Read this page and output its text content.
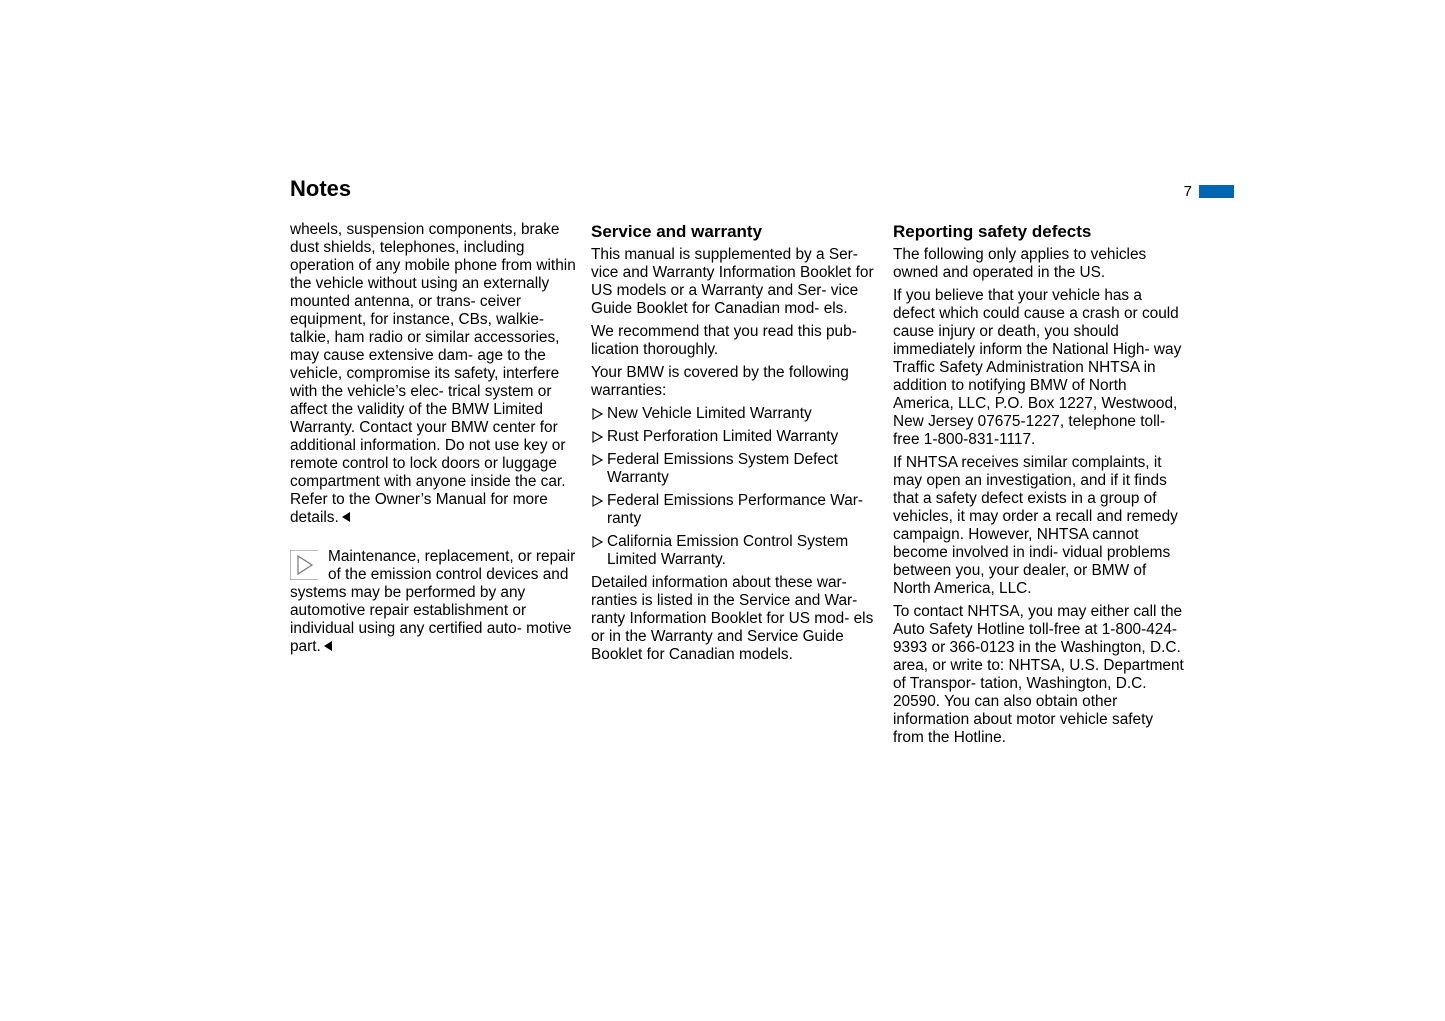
Notes	7

wheels, suspension components, brake dust shields, telephones, including operation of any mobile phone from within the vehicle without using an externally mounted antenna, or trans- ceiver equipment, for instance, CBs, walkie-talkie, ham radio or similar accessories, may cause extensive dam- age to the vehicle, compromise its safety, interfere with the vehicle’s elec- trical system or affect the validity of the BMW Limited Warranty. Contact your BMW center for additional information. Do not use key or remote control to lock doors or luggage compartment with anyone inside the car. Refer to the Owner’s Manual for more details.

Maintenance, replacement, or repair of the emission control devices and systems may be performed by any automotive repair establishment or individual using any certified auto- motive part.
Service and warranty

This manual is supplemented by a Ser- vice and Warranty Information Booklet for US models or a Warranty and Ser- vice Guide Booklet for Canadian mod- els.

We recommend that you read this pub- lication thoroughly.

Your BMW is covered by the following warranties:

New Vehicle Limited Warranty
Rust Perforation Limited Warranty
Federal Emissions System Defect Warranty
Federal Emissions Performance War- ranty
California Emission Control System Limited Warranty.

Detailed information about these war- ranties is listed in the Service and War- ranty Information Booklet for US mod- els or in the Warranty and Service Guide Booklet for Canadian models.

Reporting safety defects

The following only applies to vehicles owned and operated in the US.

If you believe that your vehicle has a defect which could cause a crash or could cause injury or death, you should immediately inform the National High- way Traffic Safety Administration NHTSA in addition to notifying BMW of North America, LLC, P.O. Box 1227, Westwood, New Jersey 07675-1227, telephone toll-free 1-800-831-1117.

If NHTSA receives similar complaints, it may open an investigation, and if it finds that a safety defect exists in a group of vehicles, it may order a recall and remedy campaign. However, NHTSA cannot become involved in indi- vidual problems between you, your dealer, or BMW of North America, LLC.

To contact NHTSA, you may either call the Auto Safety Hotline toll-free at 1-800-424-9393 or 366-0123 in the Washington, D.C. area, or write to: NHTSA, U.S. Department of Transpor- tation, Washington, D.C. 20590. You can also obtain other information about motor vehicle safety from the Hotline.
